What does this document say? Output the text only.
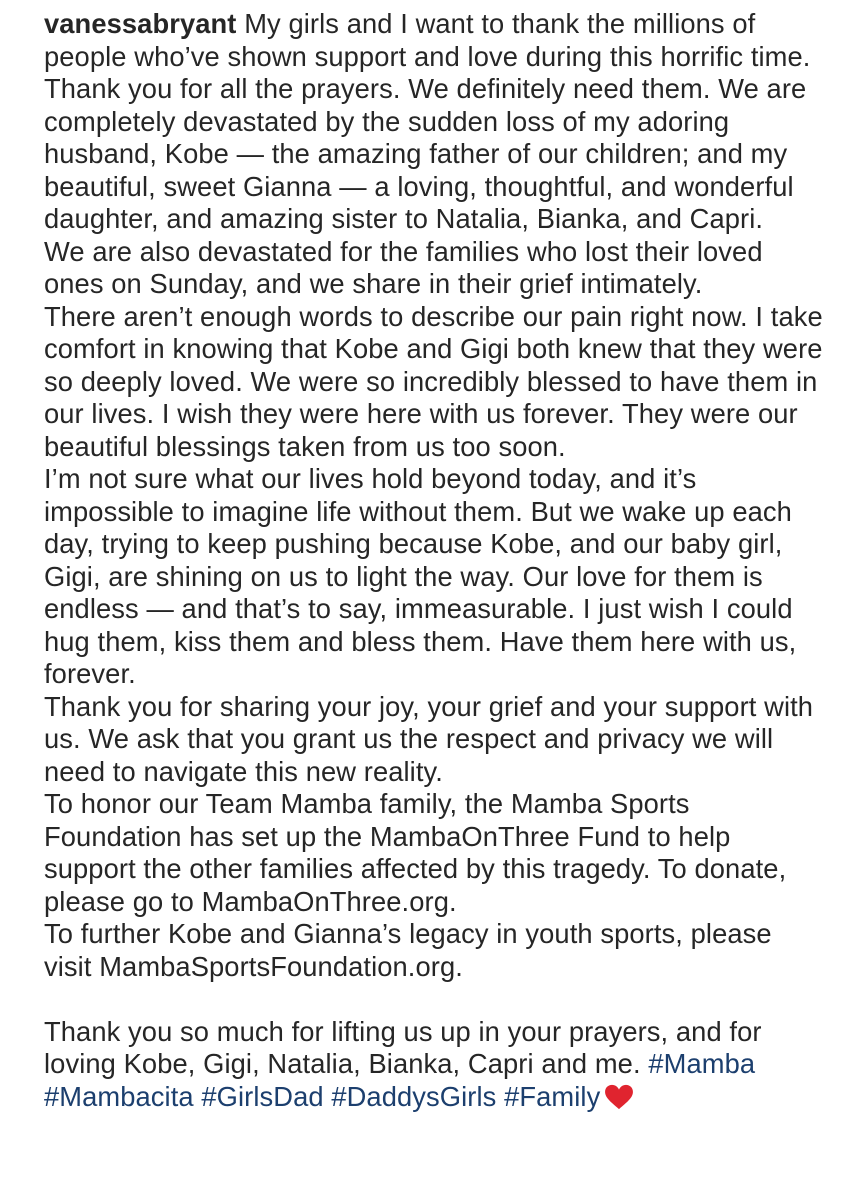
vanessabryant My girls and I want to thank the millions of people who’ve shown support and love during this horrific time. Thank you for all the prayers. We definitely need them. We are completely devastated by the sudden loss of my adoring husband, Kobe — the amazing father of our children; and my beautiful, sweet Gianna — a loving, thoughtful, and wonderful daughter, and amazing sister to Natalia, Bianka, and Capri.

We are also devastated for the families who lost their loved ones on Sunday, and we share in their grief intimately.

There aren’t enough words to describe our pain right now. I take comfort in knowing that Kobe and Gigi both knew that they were so deeply loved. We were so incredibly blessed to have them in our lives. I wish they were here with us forever. They were our beautiful blessings taken from us too soon.

I’m not sure what our lives hold beyond today, and it’s impossible to imagine life without them. But we wake up each day, trying to keep pushing because Kobe, and our baby girl, Gigi, are shining on us to light the way. Our love for them is endless — and that’s to say, immeasurable. I just wish I could hug them, kiss them and bless them. Have them here with us, forever.

Thank you for sharing your joy, your grief and your support with us. We ask that you grant us the respect and privacy we will need to navigate this new reality.

To honor our Team Mamba family, the Mamba Sports Foundation has set up the MambaOnThree Fund to help support the other families affected by this tragedy. To donate, please go to MambaOnThree.org.

To further Kobe and Gianna’s legacy in youth sports, please visit MambaSportsFoundation.org.

Thank you so much for lifting us up in your prayers, and for loving Kobe, Gigi, Natalia, Bianka, Capri and me. #Mamba #Mambacita #GirlsDad #DaddysGirls #Family
